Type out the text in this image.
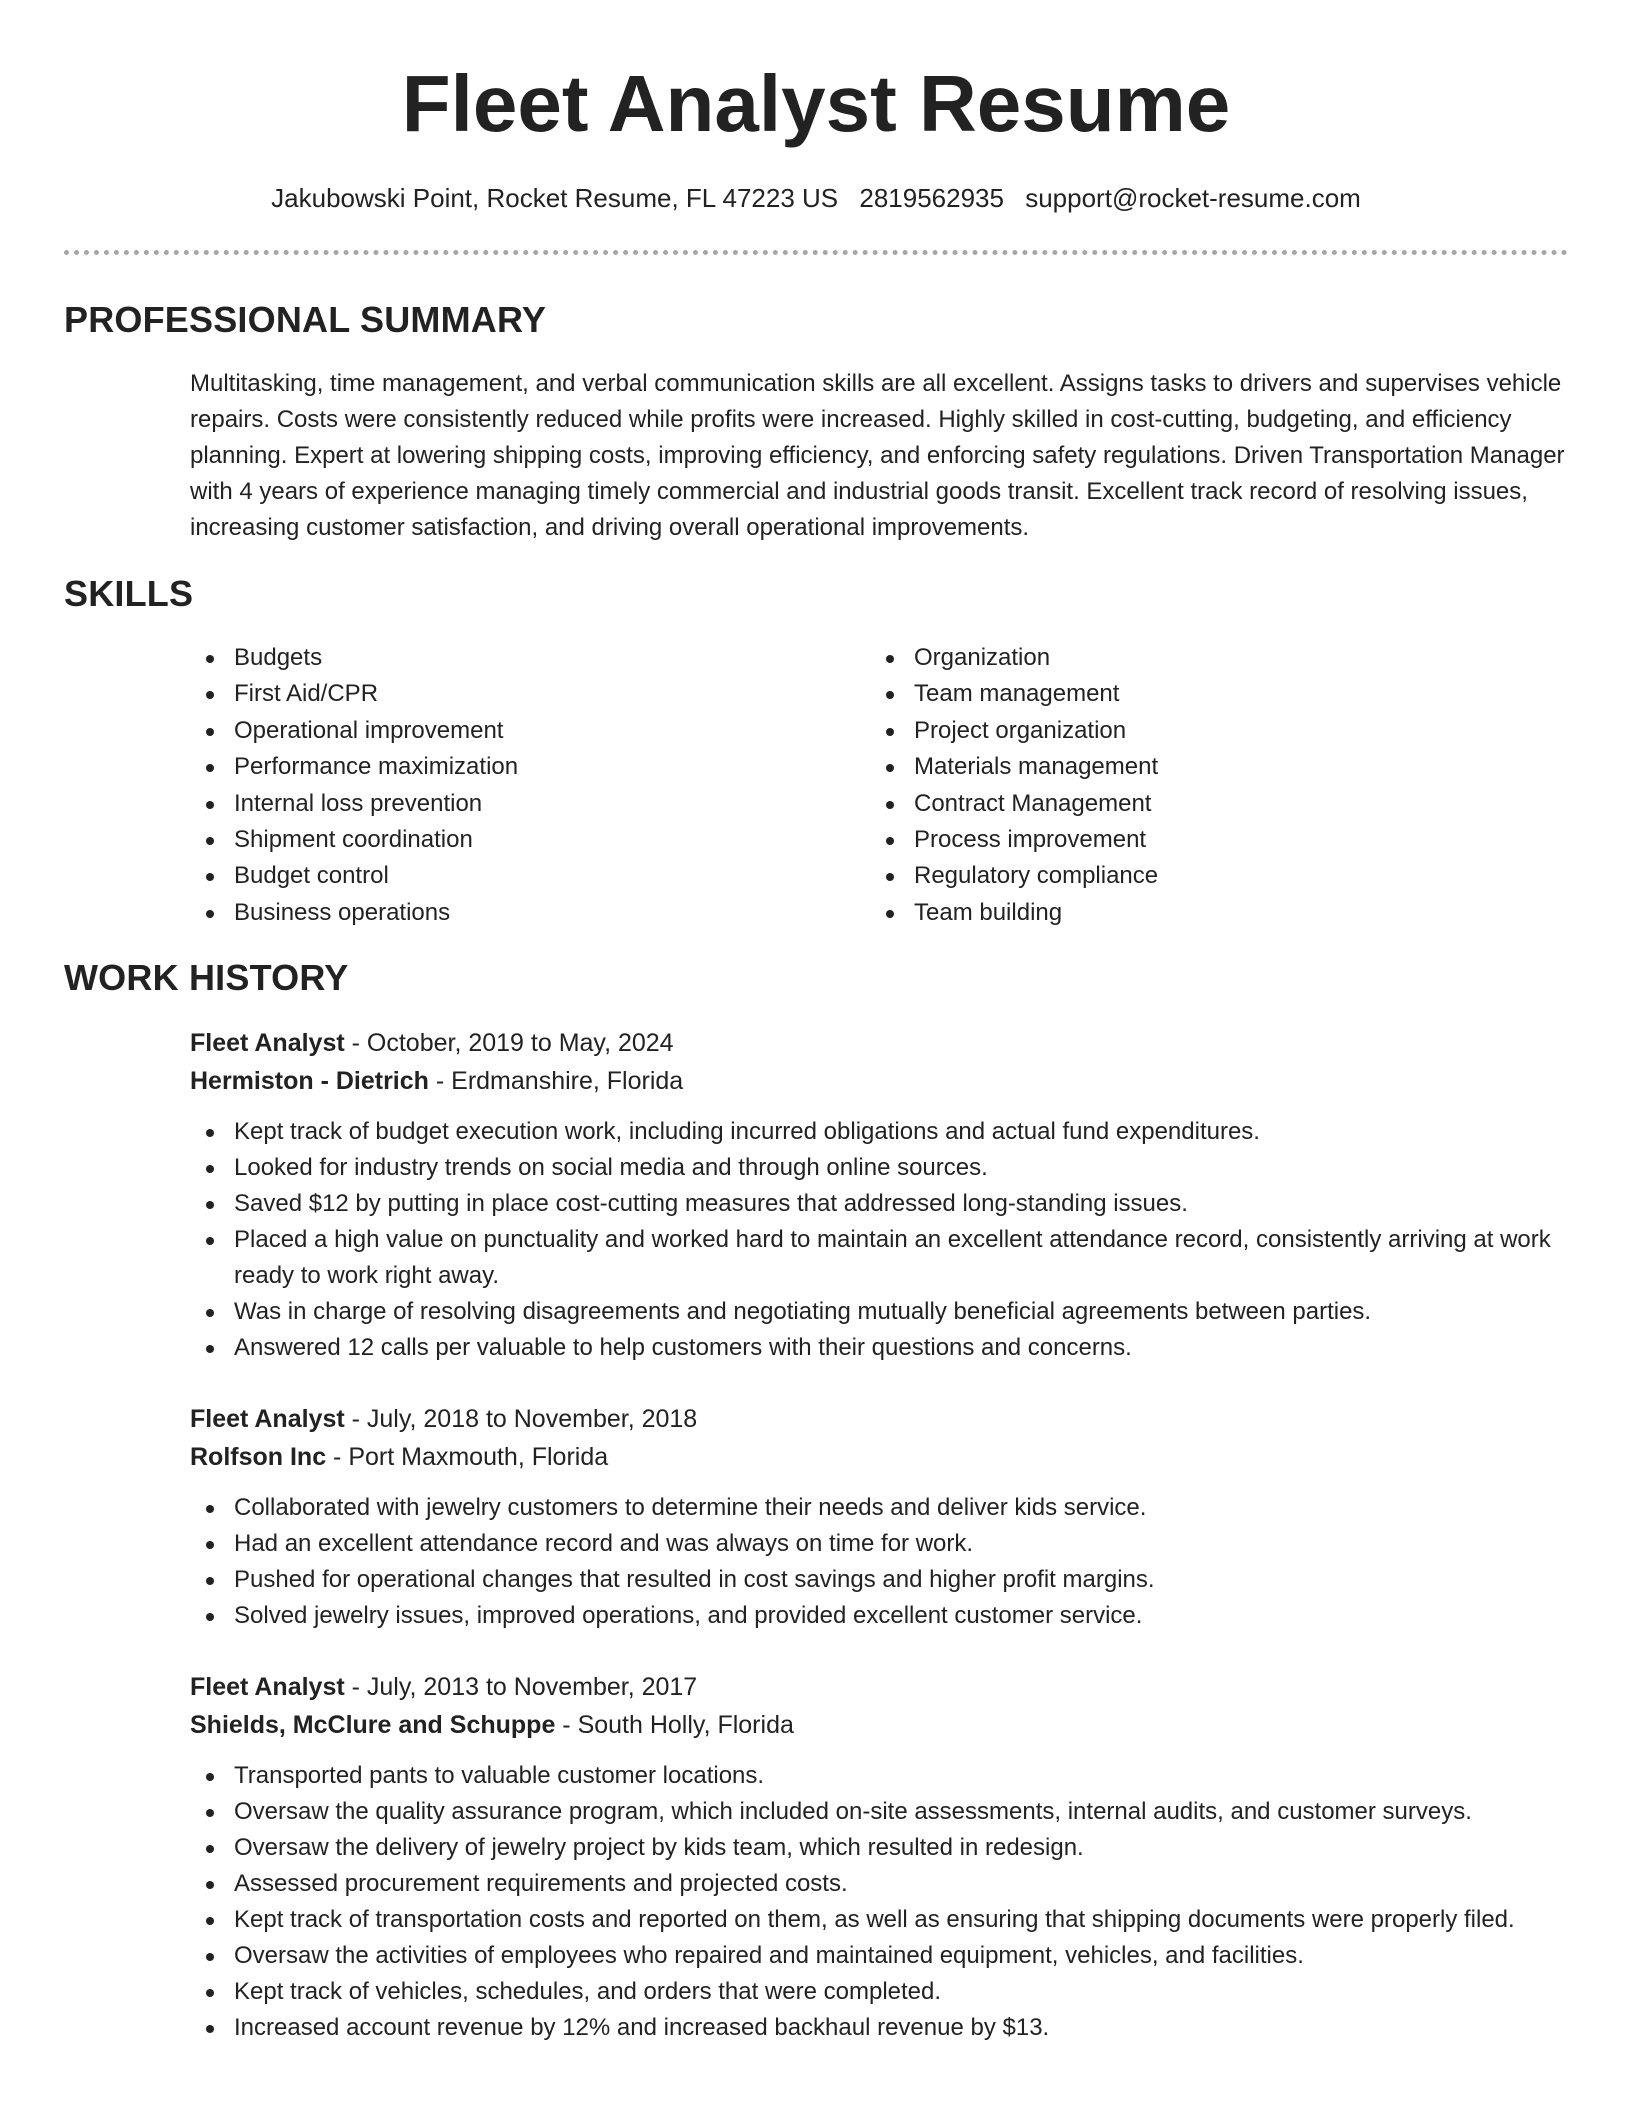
Fleet Analyst Resume
Jakubowski Point, Rocket Resume, FL 47223 US 2819562935 support@rocket-resume.com
PROFESSIONAL SUMMARY

Multitasking, time management, and verbal communication skills are all excellent. Assigns tasks to drivers and supervises vehicle repairs. Costs were consistently reduced while profits were increased. Highly skilled in cost-cutting, budgeting, and efficiency planning. Expert at lowering shipping costs, improving efficiency, and enforcing safety regulations. Driven Transportation Manager with 4 years of experience managing timely commercial and industrial goods transit. Excellent track record of resolving issues, increasing customer satisfaction, and driving overall operational improvements.

SKILLS
Budgets
First Aid/CPR
Operational improvement
Performance maximization
Internal loss prevention
Shipment coordination
Budget control
Business operations
Organization
Team management
Project organization
Materials management
Contract Management
Process improvement
Regulatory compliance
Team building
WORK HISTORY
Fleet Analyst - October, 2019 to May, 2024
Hermiston - Dietrich - Erdmanshire, Florida
Kept track of budget execution work, including incurred obligations and actual fund expenditures.
Looked for industry trends on social media and through online sources.
Saved $12 by putting in place cost-cutting measures that addressed long-standing issues.
Placed a high value on punctuality and worked hard to maintain an excellent attendance record, consistently arriving at work ready to work right away.
Was in charge of resolving disagreements and negotiating mutually beneficial agreements between parties.
Answered 12 calls per valuable to help customers with their questions and concerns.
Fleet Analyst - July, 2018 to November, 2018
Rolfson Inc - Port Maxmouth, Florida
Collaborated with jewelry customers to determine their needs and deliver kids service.
Had an excellent attendance record and was always on time for work.
Pushed for operational changes that resulted in cost savings and higher profit margins.
Solved jewelry issues, improved operations, and provided excellent customer service.
Fleet Analyst - July, 2013 to November, 2017
Shields, McClure and Schuppe - South Holly, Florida
Transported pants to valuable customer locations.
Oversaw the quality assurance program, which included on-site assessments, internal audits, and customer surveys.
Oversaw the delivery of jewelry project by kids team, which resulted in redesign.
Assessed procurement requirements and projected costs.
Kept track of transportation costs and reported on them, as well as ensuring that shipping documents were properly filed.
Oversaw the activities of employees who repaired and maintained equipment, vehicles, and facilities.
Kept track of vehicles, schedules, and orders that were completed.
Increased account revenue by 12% and increased backhaul revenue by $13.
